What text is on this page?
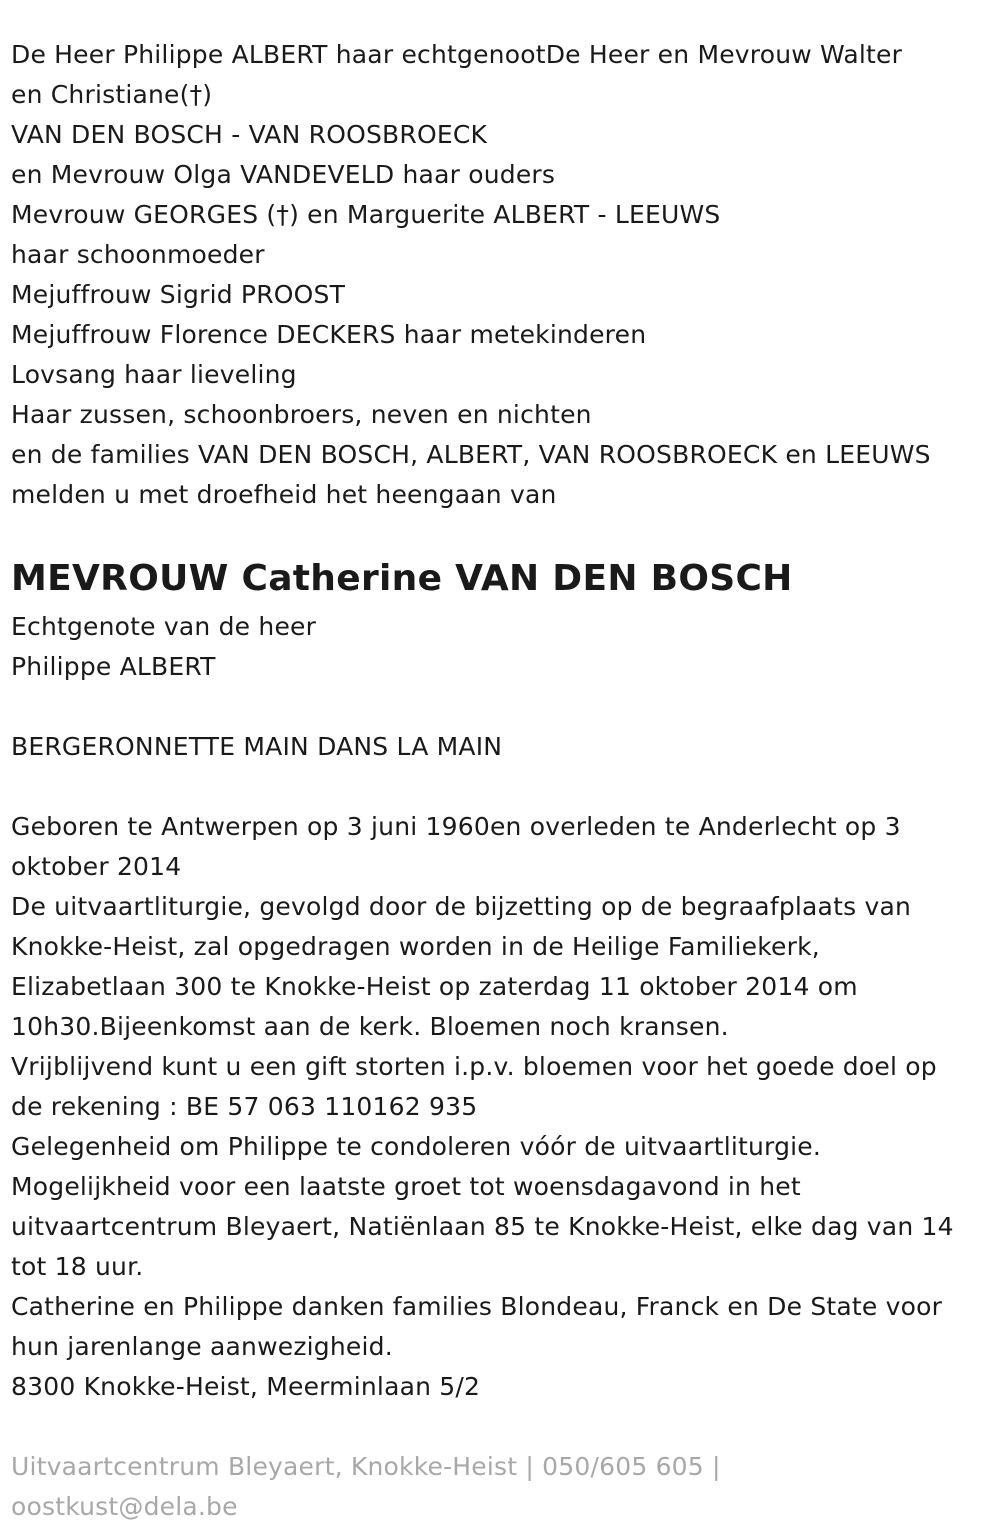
De Heer Philippe ALBERT haar echtgenootDe Heer en Mevrouw Walter
en Christiane(†)
VAN DEN BOSCH - VAN ROOSBROECK
en Mevrouw Olga VANDEVELD haar ouders
Mevrouw GEORGES (†) en Marguerite ALBERT - LEEUWS
haar schoonmoeder
Mejuffrouw Sigrid PROOST
Mejuffrouw Florence DECKERS haar metekinderen
Lovsang haar lieveling
Haar zussen, schoonbroers, neven en nichten
en de families VAN DEN BOSCH, ALBERT, VAN ROOSBROECK en LEEUWS
melden u met droefheid het heengaan van
MEVROUW Catherine VAN DEN BOSCH
Echtgenote van de heer
Philippe ALBERT
BERGERONNETTE MAIN DANS LA MAIN
Geboren te Antwerpen op 3 juni 1960en overleden te Anderlecht op 3
oktober 2014
De uitvaartliturgie, gevolgd door de bijzetting op de begraafplaats van
Knokke-Heist, zal opgedragen worden in de Heilige Familiekerk,
Elizabetlaan 300 te Knokke-Heist op zaterdag 11 oktober 2014 om
10h30.Bijeenkomst aan de kerk. Bloemen noch kransen.
Vrijblijvend kunt u een gift storten i.p.v. bloemen voor het goede doel op
de rekening : BE 57 063 110162 935
Gelegenheid om Philippe te condoleren vóór de uitvaartliturgie.
Mogelijkheid voor een laatste groet tot woensdagavond in het
uitvaartcentrum Bleyaert, Natiënlaan 85 te Knokke-Heist, elke dag van 14
tot 18 uur.
Catherine en Philippe danken families Blondeau, Franck en De State voor
hun jarenlange aanwezigheid.
8300 Knokke-Heist, Meerminlaan 5/2
Uitvaartcentrum Bleyaert, Knokke-Heist | 050/605 605 |
oostkust@dela.be
